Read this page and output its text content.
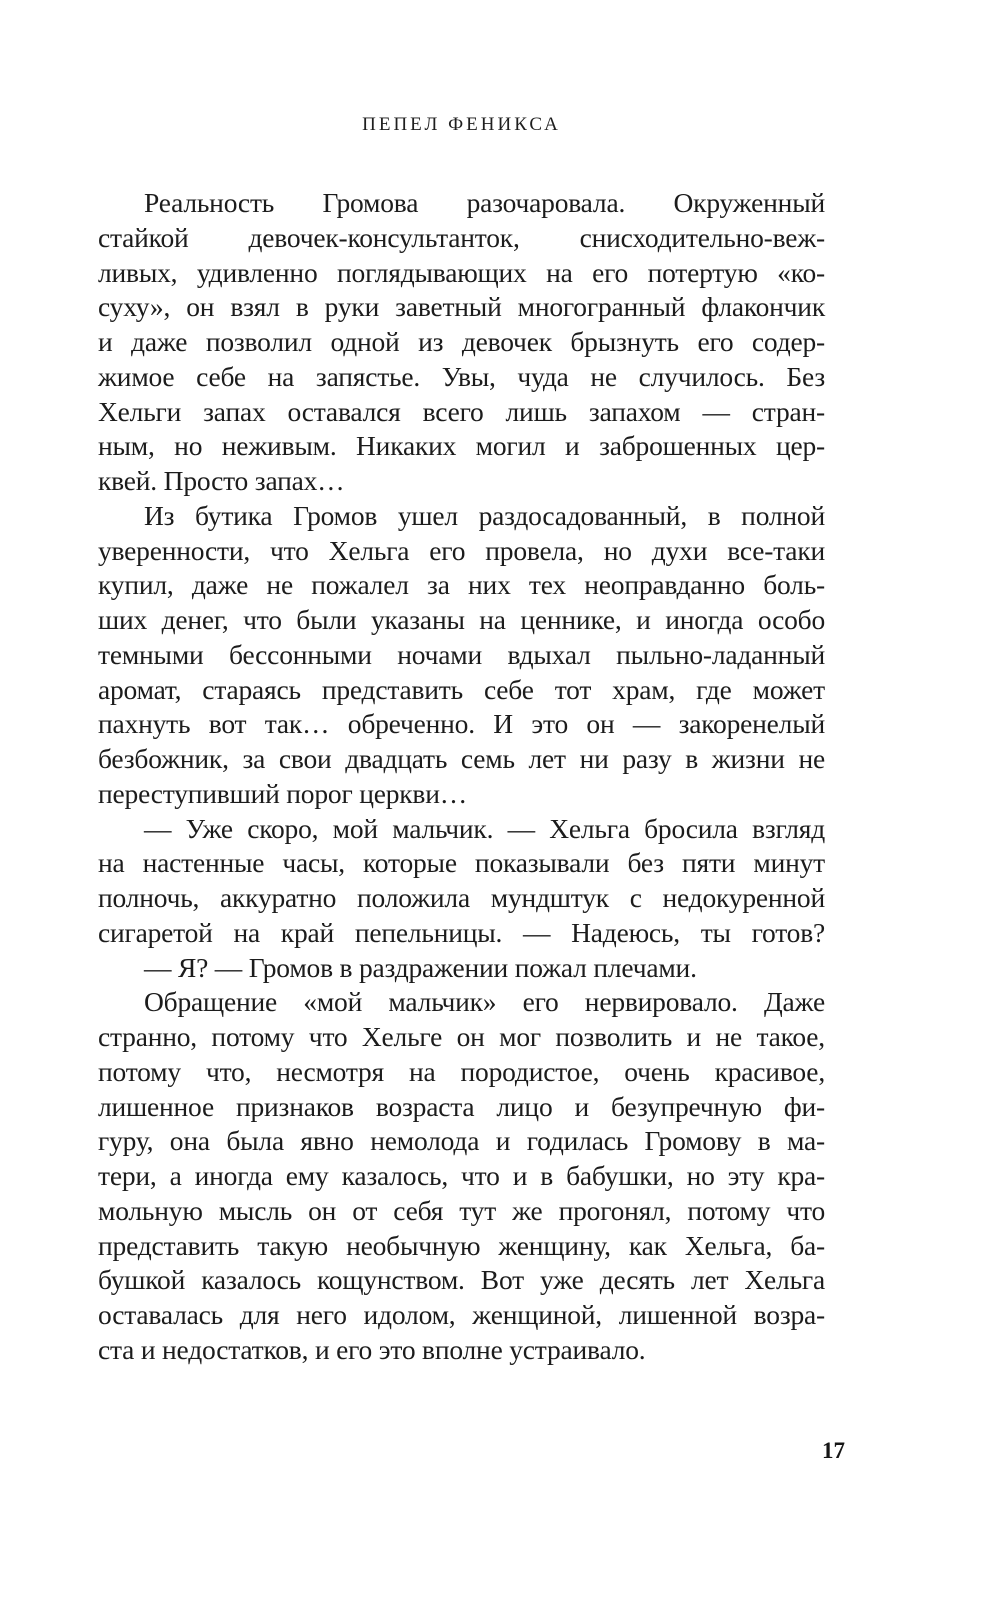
ПЕПЕЛ ФЕНИКСА
Реальность Громова разочаровала. Окруженный
стайкой девочек-консультанток, снисходительно-веж-
ливых, удивленно поглядывающих на его потертую «ко-
суху», он взял в руки заветный многогранный флакончик
и даже позволил одной из девочек брызнуть его содер-
жимое себе на запястье. Увы, чуда не случилось. Без
Хельги запах оставался всего лишь запахом — стран-
ным, но неживым. Никаких могил и заброшенных цер-
квей. Просто запах…
Из бутика Громов ушел раздосадованный, в полной
уверенности, что Хельга его провела, но духи все-таки
купил, даже не пожалел за них тех неоправданно боль-
ших денег, что были указаны на ценнике, и иногда особо
темными бессонными ночами вдыхал пыльно-ладанный
аромат, стараясь представить себе тот храм, где может
пахнуть вот так… обреченно. И это он — закоренелый
безбожник, за свои двадцать семь лет ни разу в жизни не
переступивший порог церкви…
— Уже скоро, мой мальчик. — Хельга бросила взгляд
на настенные часы, которые показывали без пяти минут
полночь, аккуратно положила мундштук с недокуренной
сигаретой на край пепельницы. — Надеюсь, ты готов?
— Я? — Громов в раздражении пожал плечами.
Обращение «мой мальчик» его нервировало. Даже
странно, потому что Хельге он мог позволить и не такое,
потому что, несмотря на породистое, очень красивое,
лишенное признаков возраста лицо и безупречную фи-
гуру, она была явно немолода и годилась Громову в ма-
тери, а иногда ему казалось, что и в бабушки, но эту кра-
мольную мысль он от себя тут же прогонял, потому что
представить такую необычную женщину, как Хельга, ба-
бушкой казалось кощунством. Вот уже десять лет Хельга
оставалась для него идолом, женщиной, лишенной возра-
ста и недостатков, и его это вполне устраивало.
17
